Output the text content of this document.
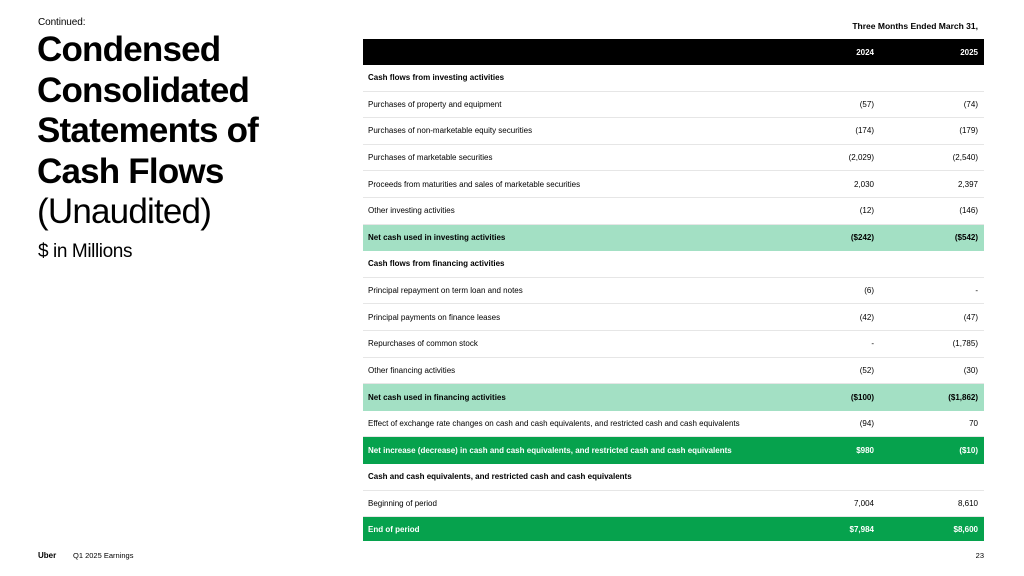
Continued:
Condensed
Consolidated
Statements of
Cash Flows
(Unaudited)
$ in Millions
Three Months Ended March 31,
2024	2025
Cash flows from investing activities
Purchases of property and equipment	(57)	(74)
Purchases of non-marketable equity securities	(174)	(179)
Purchases of marketable securities	(2,029)	(2,540)
Proceeds from maturities and sales of marketable securities	2,030	2,397
Other investing activities	(12)	(146)
Net cash used in investing activities	($242)	($542)
Cash flows from financing activities
Principal repayment on term loan and notes	(6)	-
Principal payments on finance leases	(42)	(47)
Repurchases of common stock	-	(1,785)
Other financing activities	(52)	(30)
Net cash used in financing activities	($100)	($1,862)
Effect of exchange rate changes on cash and cash equivalents, and restricted cash and cash equivalents	(94)	70
Net increase (decrease) in cash and cash equivalents, and restricted cash and cash equivalents	$980	($10)
Cash and cash equivalents, and restricted cash and cash equivalents
Beginning of period	7,004	8,610
End of period	$7,984	$8,600
Uber Q1 2025 Earnings	23
